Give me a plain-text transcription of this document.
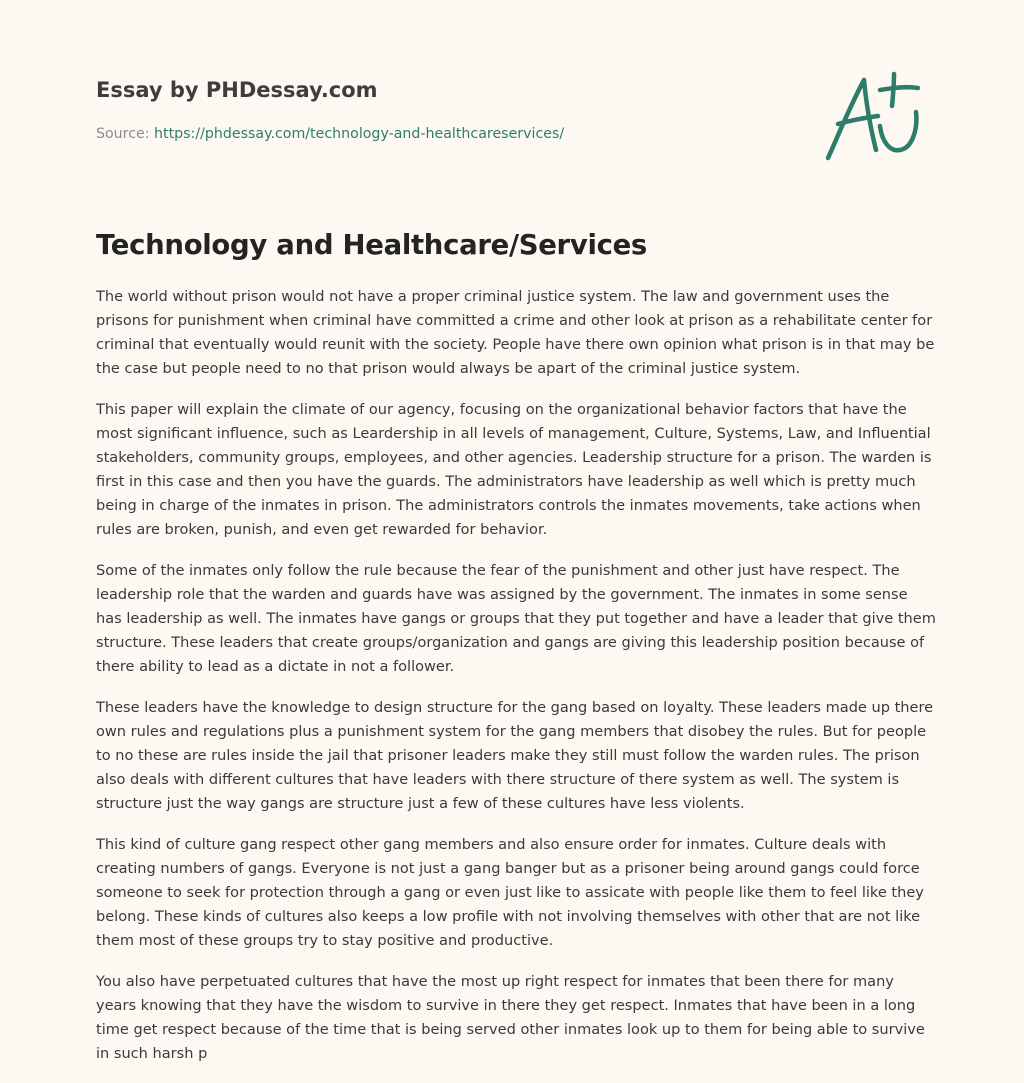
Essay by PHDessay.com
Source: https://phdessay.com/technology-and-healthcareservices/
Technology and Healthcare/Services

The world without prison would not have a proper criminal justice system. The law and government uses the prisons for punishment when criminal have committed a crime and other look at prison as a rehabilitate center for criminal that eventually would reunit with the society. People have there own opinion what prison is in that may be the case but people need to no that prison would always be apart of the criminal justice system.

This paper will explain the climate of our agency, focusing on the organizational behavior factors that have the most significant influence, such as Leardership in all levels of management, Culture, Systems, Law, and Influential stakeholders, community groups, employees, and other agencies. Leadership structure for a prison. The warden is first in this case and then you have the guards. The administrators have leadership as well which is pretty much being in charge of the inmates in prison. The administrators controls the inmates movements, take actions when rules are broken, punish, and even get rewarded for behavior.

Some of the inmates only follow the rule because the fear of the punishment and other just have respect. The leadership role that the warden and guards have was assigned by the government. The inmates in some sense has leadership as well. The inmates have gangs or groups that they put together and have a leader that give them structure. These leaders that create groups/organization and gangs are giving this leadership position because of there ability to lead as a dictate in not a follower.

These leaders have the knowledge to design structure for the gang based on loyalty. These leaders made up there own rules and regulations plus a punishment system for the gang members that disobey the rules. But for people to no these are rules inside the jail that prisoner leaders make they still must follow the warden rules. The prison also deals with different cultures that have leaders with there structure of there system as well. The system is structure just the way gangs are structure just a few of these cultures have less violents.

This kind of culture gang respect other gang members and also ensure order for inmates. Culture deals with creating numbers of gangs. Everyone is not just a gang banger but as a prisoner being around gangs could force someone to seek for protection through a gang or even just like to assicate with people like them to feel like they belong. These kinds of cultures also keeps a low profile with not involving themselves with other that are not like them most of these groups try to stay positive and productive.

You also have perpetuated cultures that have the most up right respect for inmates that been there for many years knowing that they have the wisdom to survive in there they get respect. Inmates that have been in a long time get respect because of the time that is being served other inmates look up to them for being able to survive in such harsh p
